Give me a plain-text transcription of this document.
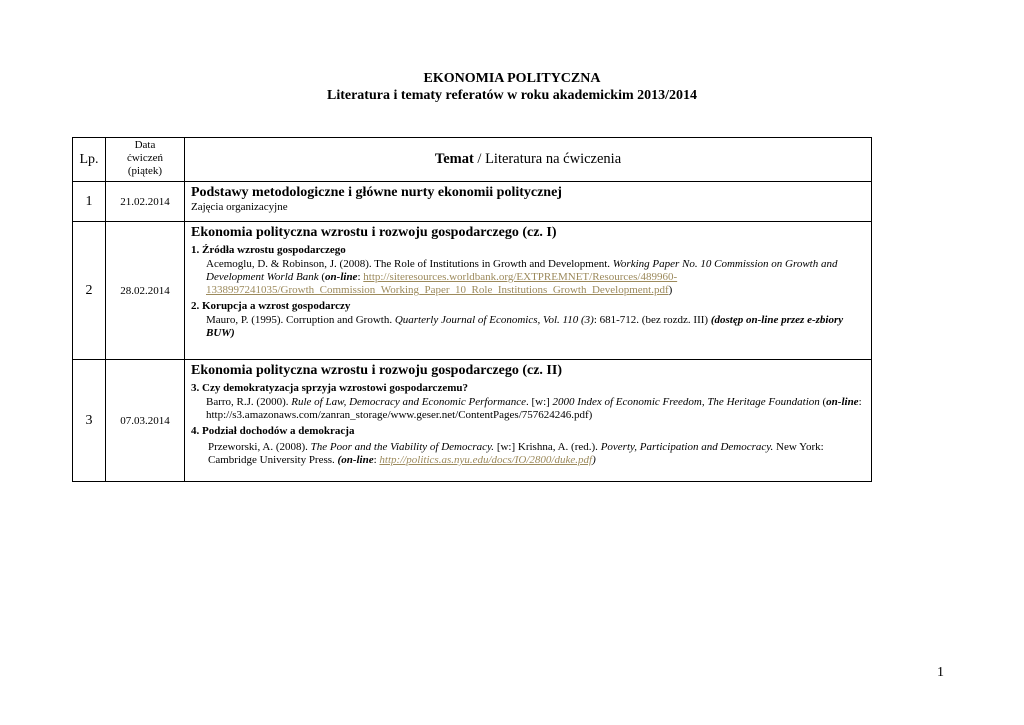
EKONOMIA POLITYCZNA
Literatura i tematy referatów w roku akademickim 2013/2014
Lp.	Data
ćwiczeń
(piątek)	Temat / Literatura na ćwiczenia
1	21.02.2014	Podstawy metodologiczne i główne nurty ekonomii politycznej
Zajęcia organizacyjne

2	28.02.2014	Ekonomia polityczna wzrostu i rozwoju gospodarczego (cz. I)
1. Źródła wzrostu gospodarczego
Acemoglu, D. & Robinson, J. (2008). The Role of Institutions in Growth and Development. Working Paper No. 10 Commission on Growth and Development World Bank (on-line: http://siteresources.worldbank.org/EXTPREMNET/Resources/489960-1338997241035/Growth_Commission_Working_Paper_10_Role_Institutions_Growth_Development.pdf)
2. Korupcja a wzrost gospodarczy
Mauro, P. (1995). Corruption and Growth. Quarterly Journal of Economics, Vol. 110 (3): 681-712. (bez rozdz. III) (dostęp on-line przez e-zbiory BUW)

3	07.03.2014	Ekonomia polityczna wzrostu i rozwoju gospodarczego (cz. II)
3. Czy demokratyzacja sprzyja wzrostowi gospodarczemu?
Barro, R.J. (2000). Rule of Law, Democracy and Economic Performance. [w:] 2000 Index of Economic Freedom, The Heritage Foundation (on-line: http://s3.amazonaws.com/zanran_storage/www.geser.net/ContentPages/757624246.pdf)
4. Podział dochodów a demokracja
Przeworski, A. (2008). The Poor and the Viability of Democracy. [w:] Krishna, A. (red.). Poverty, Participation and Democracy. New York: Cambridge University Press. (on-line: http://politics.as.nyu.edu/docs/IO/2800/duke.pdf)
1
